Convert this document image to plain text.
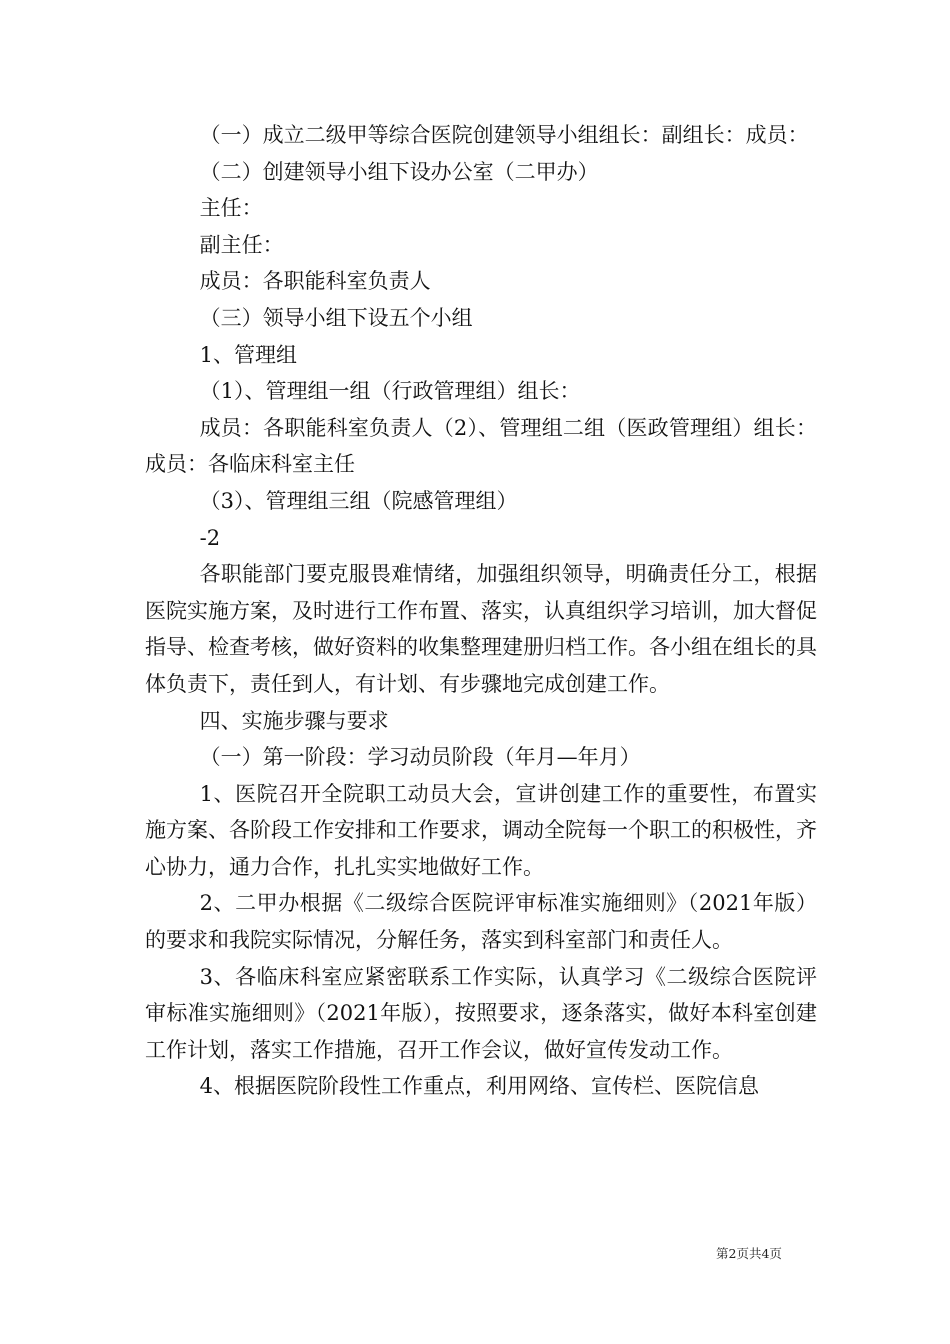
（一）成立二级甲等综合医院创建领导小组组长：副组长：成员：

（二）创建领导小组下设办公室（二甲办）

主任：

副主任：

成员：各职能科室负责人

（三）领导小组下设五个小组

1、管理组

（1）、管理组一组（行政管理组）组长：

成员：各职能科室负责人（2）、管理组二组（医政管理组）组长：成员：各临床科室主任

（3）、管理组三组（院感管理组）

-2

各职能部门要克服畏难情绪，加强组织领导，明确责任分工，根据医院实施方案，及时进行工作布置、落实，认真组织学习培训，加大督促指导、检查考核，做好资料的收集整理建册归档工作。各小组在组长的具体负责下，责任到人，有计划、有步骤地完成创建工作。

四、实施步骤与要求

（一）第一阶段：学习动员阶段（年月—年月）

1、医院召开全院职工动员大会，宣讲创建工作的重要性，布置实施方案、各阶段工作安排和工作要求，调动全院每一个职工的积极性，齐心协力，通力合作，扎扎实实地做好工作。

2、二甲办根据《二级综合医院评审标准实施细则》（2021年版）的要求和我院实际情况，分解任务，落实到科室部门和责任人。

3、各临床科室应紧密联系工作实际，认真学习《二级综合医院评审标准实施细则》（2021年版），按照要求，逐条落实，做好本科室创建工作计划，落实工作措施，召开工作会议，做好宣传发动工作。

4、根据医院阶段性工作重点，利用网络、宣传栏、医院信息

第2页共4页
